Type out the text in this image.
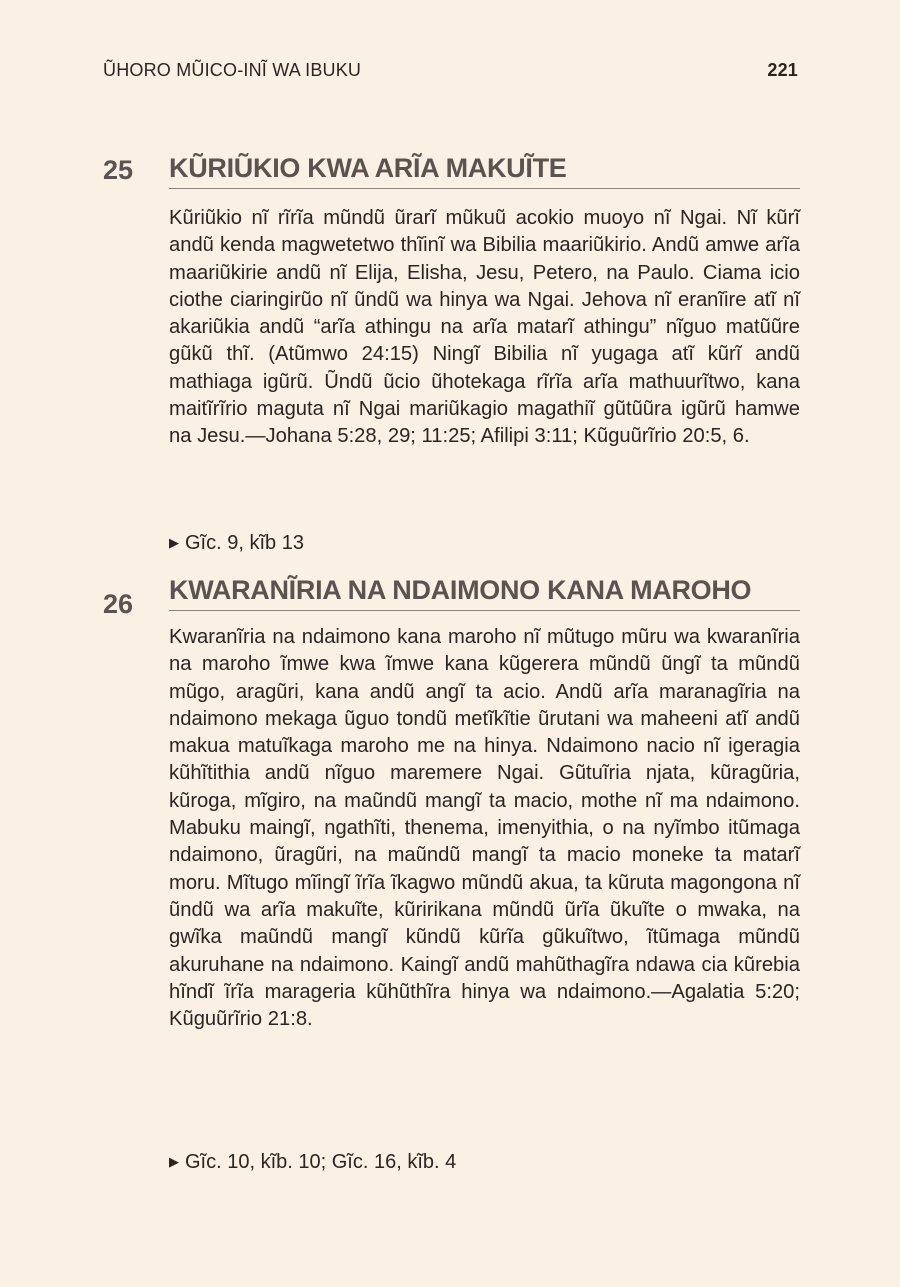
ŨHORO MŨICO-INĨ WA IBUKU	221
25 KŨRIŨKIO KWA ARĨA MAKUĨTE

Kũriũkio nĩ rĩrĩa mũndũ ũrarĩ mũkuũ acokio muoyo nĩ Ngai. Nĩ kũrĩ andũ kenda magwetetwo thĩinĩ wa Bibilia maariũkirio. Andũ amwe arĩa maariũkirie andũ nĩ Elija, Elisha, Jesu, Petero, na Paulo. Ciama icio ciothe ciaringirũo nĩ ũndũ wa hinya wa Ngai. Jehova nĩ eranĩire atĩ nĩ akariũkia andũ “arĩa athingu na arĩa matarĩ athingu” nĩguo matũũre gũkũ thĩ. (Atũmwo 24:15) Ningĩ Bibilia nĩ yugaga atĩ kũrĩ andũ mathiaga igũrũ. Ũndũ ũcio ũhotekaga rĩrĩa arĩa mathuurĩtwo, kana maitĩrĩrio maguta nĩ Ngai mariũkagio magathiĩ gũtũũra igũrũ hamwe na Jesu.—Johana 5:28, 29; 11:25; Afilipi 3:11; Kũguũrĩrio 20:5, 6.

▶ Gĩc. 9, kĩb 13
26 KWARANĨRIA NA NDAIMONO KANA MAROHO

Kwaranĩria na ndaimono kana maroho nĩ mũtugo mũru wa kwaranĩria na maroho ĩmwe kwa ĩmwe kana kũgerera mũndũ ũngĩ ta mũndũ mũgo, aragũri, kana andũ angĩ ta acio. Andũ arĩa maranagĩria na ndaimono mekaga ũguo tondũ metĩkĩtie ũrutani wa maheeni atĩ andũ makua matuĩkaga maroho me na hinya. Ndaimono nacio nĩ igeragia kũhĩtithia andũ nĩguo maremere Ngai. Gũtuĩria njata, kũragũria, kũroga, mĩgiro, na maũndũ mangĩ ta macio, mothe nĩ ma ndaimono. Mabuku maingĩ, ngathĩti, thenema, imenyithia, o na nyĩmbo itũmaga ndaimono, ũragũri, na maũndũ mangĩ ta macio moneke ta matarĩ moru. Mĩtugo mĩingĩ ĩrĩa ĩkagwo mũndũ akua, ta kũruta magongona nĩ ũndũ wa arĩa makuĩte, kũririkana mũndũ ũrĩa ũkuĩte o mwaka, na gwĩka maũndũ mangĩ kũndũ kũrĩa gũkuĩtwo, ĩtũmaga mũndũ akuruhane na ndaimono. Kaingĩ andũ mahũthagĩra ndawa cia kũrebia hĩndĩ ĩrĩa marageria kũhũthĩra hinya wa ndaimono.—Agalatia 5:20; Kũguũrĩrio 21:8.

▶ Gĩc. 10, kĩb. 10; Gĩc. 16, kĩb. 4
